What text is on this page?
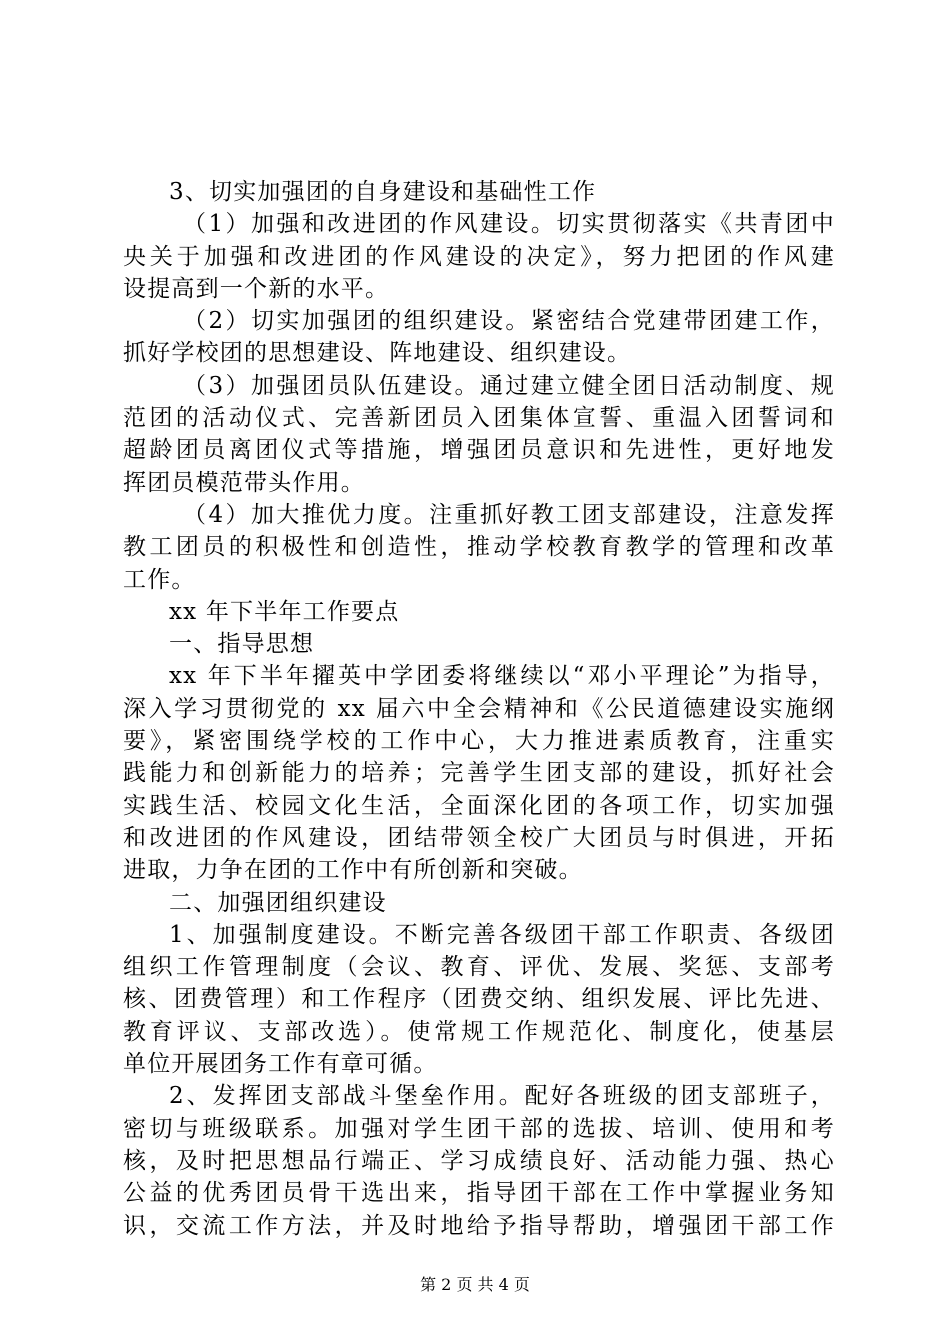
3、切实加强团的自身建设和基础性工作
（1）加强和改进团的作风建设。切实贯彻落实《共青团中
央关于加强和改进团的作风建设的决定》，努力把团的作风建
设提高到一个新的水平。
（2）切实加强团的组织建设。紧密结合党建带团建工作，
抓好学校团的思想建设、阵地建设、组织建设。
（3）加强团员队伍建设。通过建立健全团日活动制度、规
范团的活动仪式、完善新团员入团集体宣誓、重温入团誓词和
超龄团员离团仪式等措施，增强团员意识和先进性，更好地发
挥团员模范带头作用。
（4）加大推优力度。注重抓好教工团支部建设，注意发挥
教工团员的积极性和创造性，推动学校教育教学的管理和改革
工作。
xx 年下半年工作要点
一、指导思想
xx 年下半年擢英中学团委将继续以“邓小平理论”为指导，
深入学习贯彻党的 xx 届六中全会精神和《公民道德建设实施纲
要》，紧密围绕学校的工作中心，大力推进素质教育，注重实
践能力和创新能力的培养；完善学生团支部的建设，抓好社会
实践生活、校园文化生活，全面深化团的各项工作，切实加强
和改进团的作风建设，团结带领全校广大团员与时俱进，开拓
进取，力争在团的工作中有所创新和突破。
二、加强团组织建设
1、加强制度建设。不断完善各级团干部工作职责、各级团
组织工作管理制度（会议、教育、评优、发展、奖惩、支部考
核、团费管理）和工作程序（团费交纳、组织发展、评比先进、
教育评议、支部改选）。使常规工作规范化、制度化，使基层
单位开展团务工作有章可循。
2、发挥团支部战斗堡垒作用。配好各班级的团支部班子，
密切与班级联系。加强对学生团干部的选拔、培训、使用和考
核，及时把思想品行端正、学习成绩良好、活动能力强、热心
公益的优秀团员骨干选出来，指导团干部在工作中掌握业务知
识，交流工作方法，并及时地给予指导帮助，增强团干部工作
第 2 页 共 4 页
